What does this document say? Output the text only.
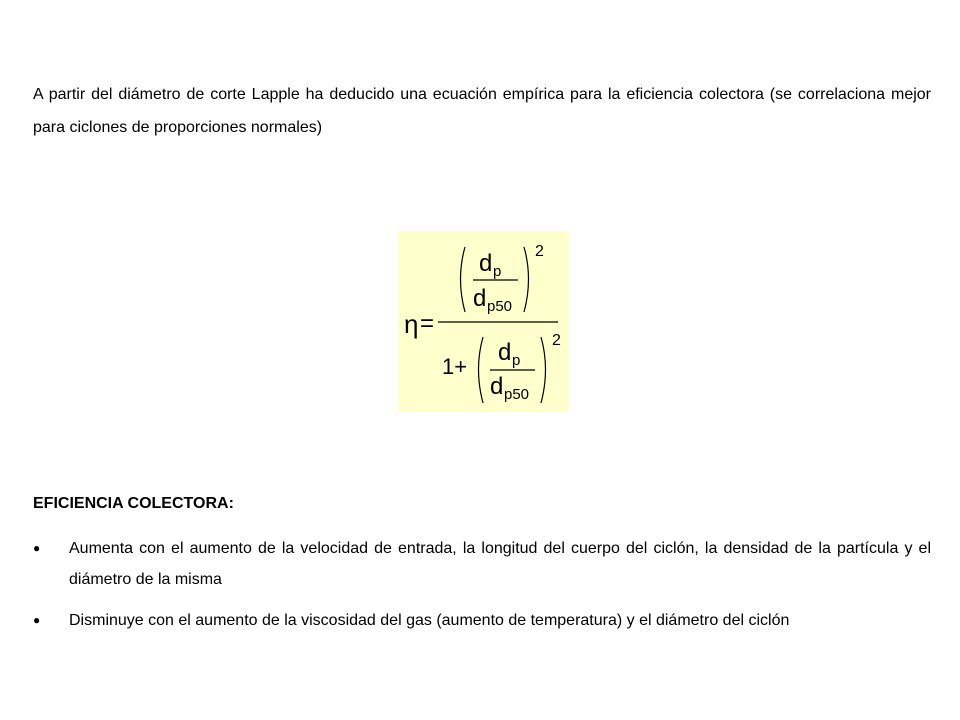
A partir del diámetro de corte Lapple ha deducido una ecuación empírica para la eficiencia colectora (se correlaciona mejor para ciclones de proporciones normales)

η =
d p
d p50
2
1+
d p
d p50
2
EFICIENCIA COLECTORA:
● Aumenta con el aumento de la velocidad de entrada, la longitud del cuerpo del ciclón, la densidad de la partícula y el diámetro de la misma
● Disminuye con el aumento de la viscosidad del gas (aumento de temperatura) y el diámetro del ciclón
